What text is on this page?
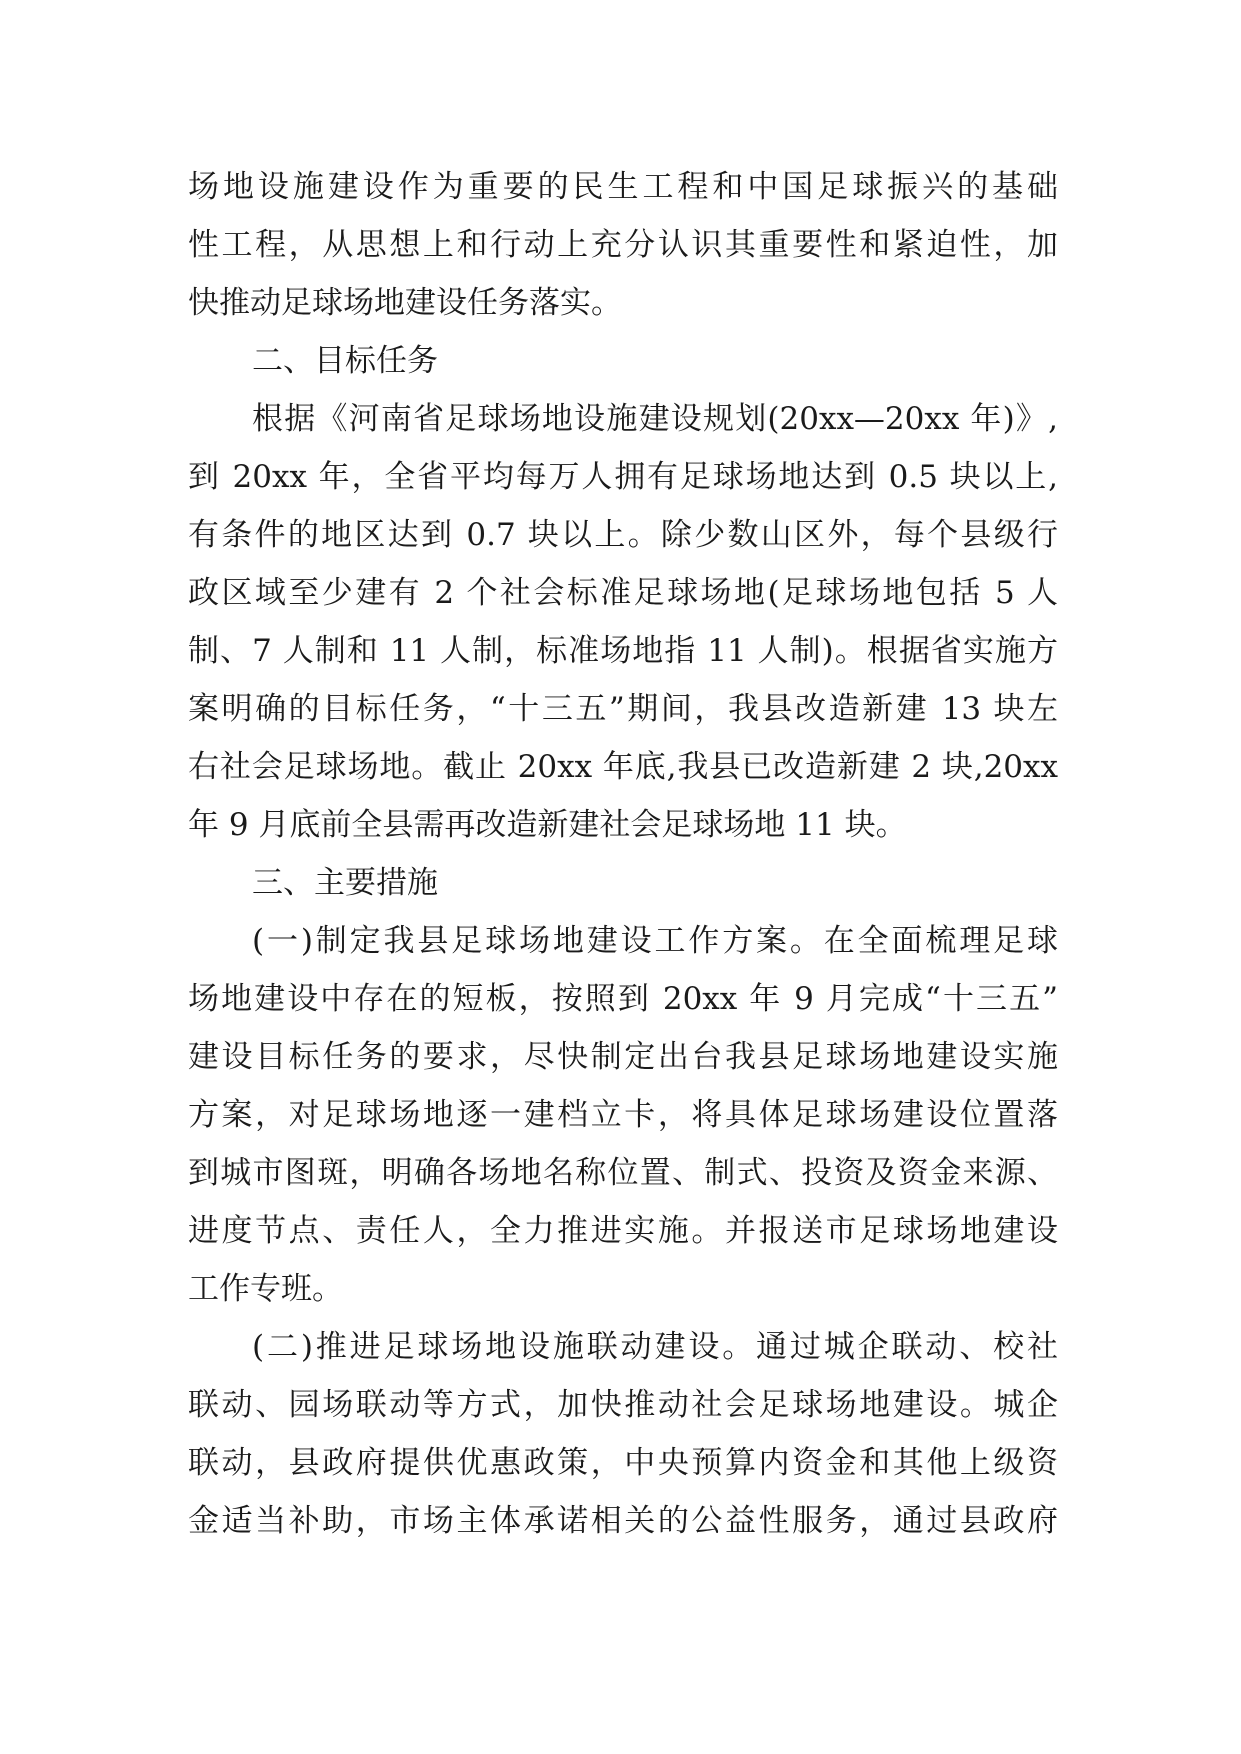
场地设施建设作为重要的民生工程和中国足球振兴的基础
性工程，从思想上和行动上充分认识其重要性和紧迫性，加
快推动足球场地建设任务落实。
二、目标任务
根据《河南省足球场地设施建设规划(20xx—20xx 年)》,
到 20xx 年，全省平均每万人拥有足球场地达到 0.5 块以上,
有条件的地区达到 0.7 块以上。除少数山区外，每个县级行
政区域至少建有 2 个社会标准足球场地(足球场地包括 5 人
制、7 人制和 11 人制，标准场地指 11 人制)。根据省实施方
案明确的目标任务，“十三五”期间，我县改造新建 13 块左
右社会足球场地。截止 20xx 年底,我县已改造新建 2 块,20xx
年 9 月底前全县需再改造新建社会足球场地 11 块。
三、主要措施
(一)制定我县足球场地建设工作方案。在全面梳理足球
场地建设中存在的短板，按照到 20xx 年 9 月完成“十三五”
建设目标任务的要求，尽快制定出台我县足球场地建设实施
方案，对足球场地逐一建档立卡，将具体足球场建设位置落
到城市图斑，明确各场地名称位置、制式、投资及资金来源、
进度节点、责任人，全力推进实施。并报送市足球场地建设
工作专班。
(二)推进足球场地设施联动建设。通过城企联动、校社
联动、园场联动等方式，加快推动社会足球场地建设。城企
联动，县政府提供优惠政策，中央预算内资金和其他上级资
金适当补助，市场主体承诺相关的公益性服务，通过县政府
